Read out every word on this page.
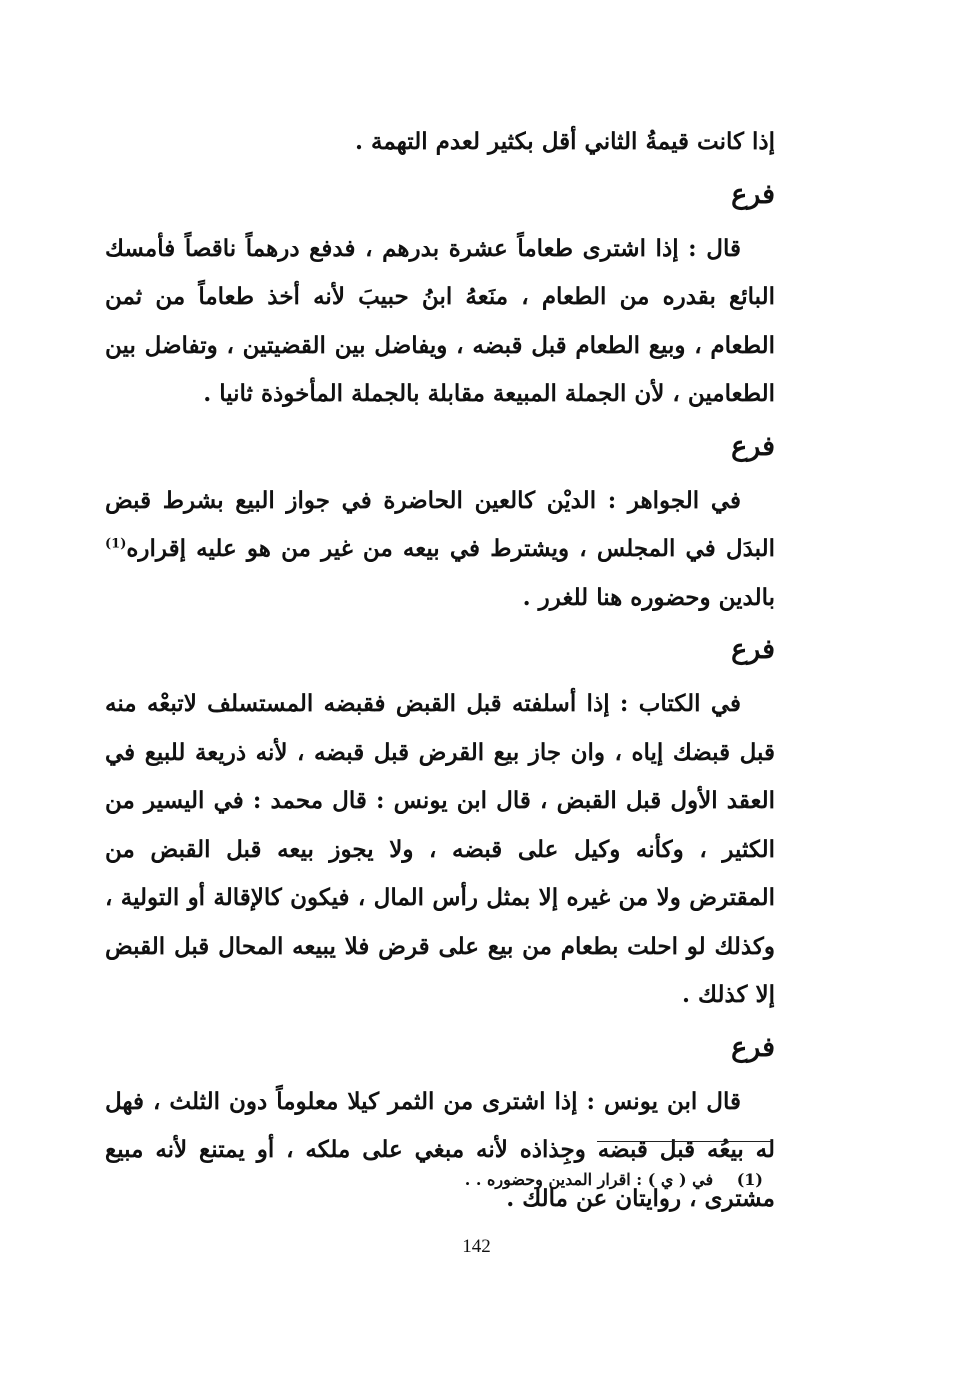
إذا كانت قيمةُ الثاني أقل بكثير لعدم التهمة .

فرع

قال : إذا اشترى طعاماً عشرة بدرهم ، فدفع درهماً ناقصاً فأمسك البائع بقدره من الطعام ، منَعهُ ابنُ حبيبَ لأنه أخذ طعاماً من ثمن الطعام ، وبيع الطعام قبل قبضه ، ويفاضل بين القضيتين ، وتفاضل بين الطعامين ، لأن الجملة المبيعة مقابلة بالجملة المأخوذة ثانيا .

فرع

في الجواهر : الديْن كالعين الحاضرة في جواز البيع بشرط قبض البدَل في المجلس ، ويشترط في بيعه من غير من هو عليه إقراره$^{(1)}$ بالدين وحضوره هنا للغرر .

فرع

في الكتاب : إذا أسلفته قبل القبض فقبضه المستسلف لاتبعْه منه قبل قبضك إياه ، وان جاز بيع القرض قبل قبضه ، لأنه ذريعة للبيع في العقد الأول قبل القبض ، قال ابن يونس : قال محمد : في اليسير من الكثير ، وكأنه وكيل على قبضه ، ولا يجوز بيعه قبل القبض من المقترض ولا من غيره إلا بمثل رأس المال ، فيكون كالإقالة أو التولية ، وكذلك لو احلت بطعام من بيع على قرض فلا يبيعه المحال قبل القبض إلا كذلك .

فرع

قال ابن يونس : إذا اشترى من الثمر كيلا معلوماً دون الثلث ، فهل له بيعُه قبل قبضه وجِذاذه لأنه مبغي على ملكه ، أو يمتنع لأنه مبيع مشترى ، روايتان عن مالك .

(1) في ( ي ) : اقرار المدين وحضوره . .
142
